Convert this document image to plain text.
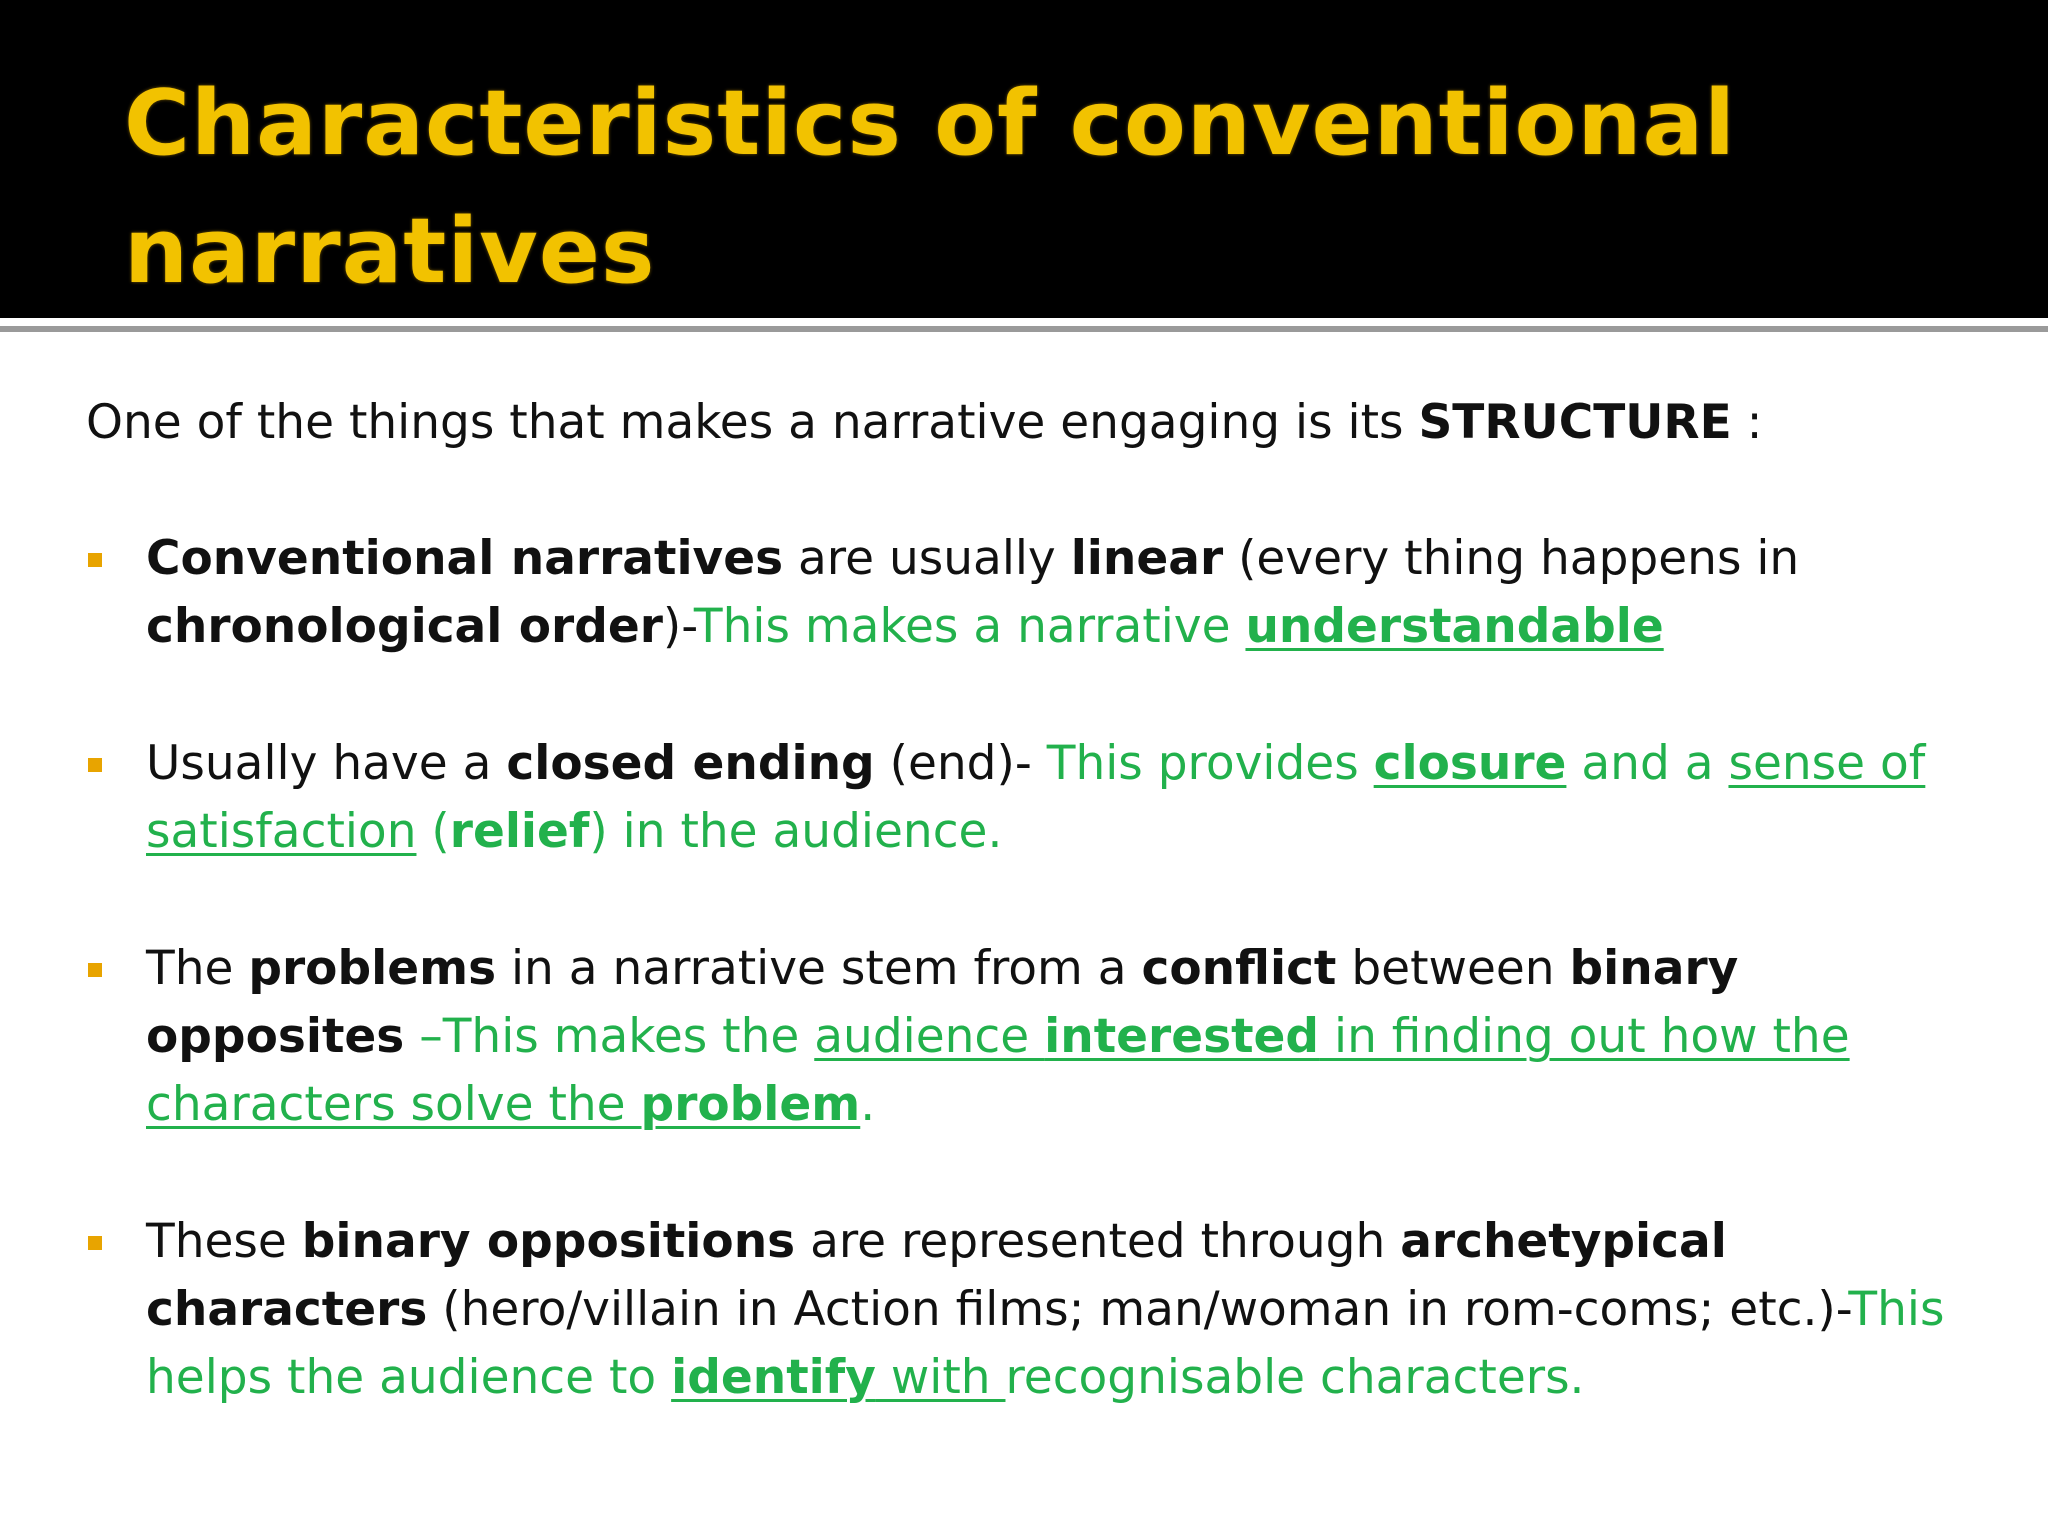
Characteristics of conventional narratives

One of the things that makes a narrative engaging is its STRUCTURE :

Conventional narratives are usually linear (every thing happens in chronological order)-This makes a narrative understandable
Usually have a closed ending (end)- This provides closure and a sense of satisfaction (relief) in the audience.
The problems in a narrative stem from a conflict between binary opposites –This makes the audience interested in finding out how the characters solve the problem.
These binary oppositions are represented through archetypical characters (hero/villain in Action films; man/woman in rom-coms; etc.)-This helps the audience to identify with recognisable characters.
